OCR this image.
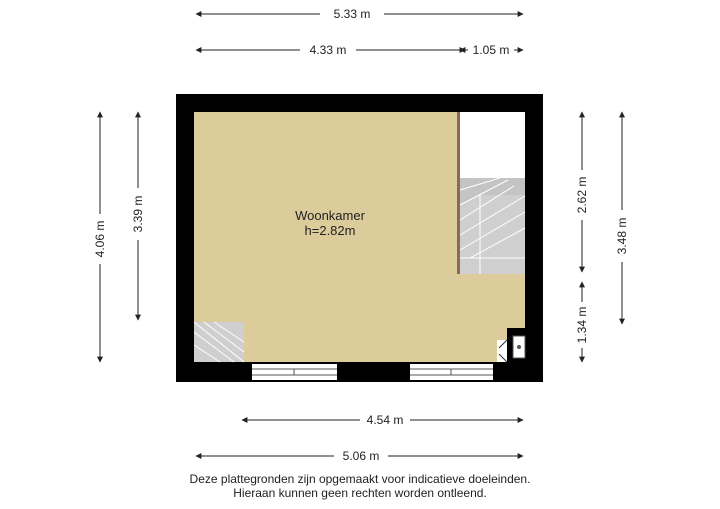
Woonkamer
h=2.82m
5.33 m
4.33 m	1.05 m
4.06 m
3.39 m
2.62 m
1.34 m
3.48 m
4.54 m
5.06 m
Deze plattegronden zijn opgemaakt voor indicatieve doeleinden.
Hieraan kunnen geen rechten worden ontleend.
